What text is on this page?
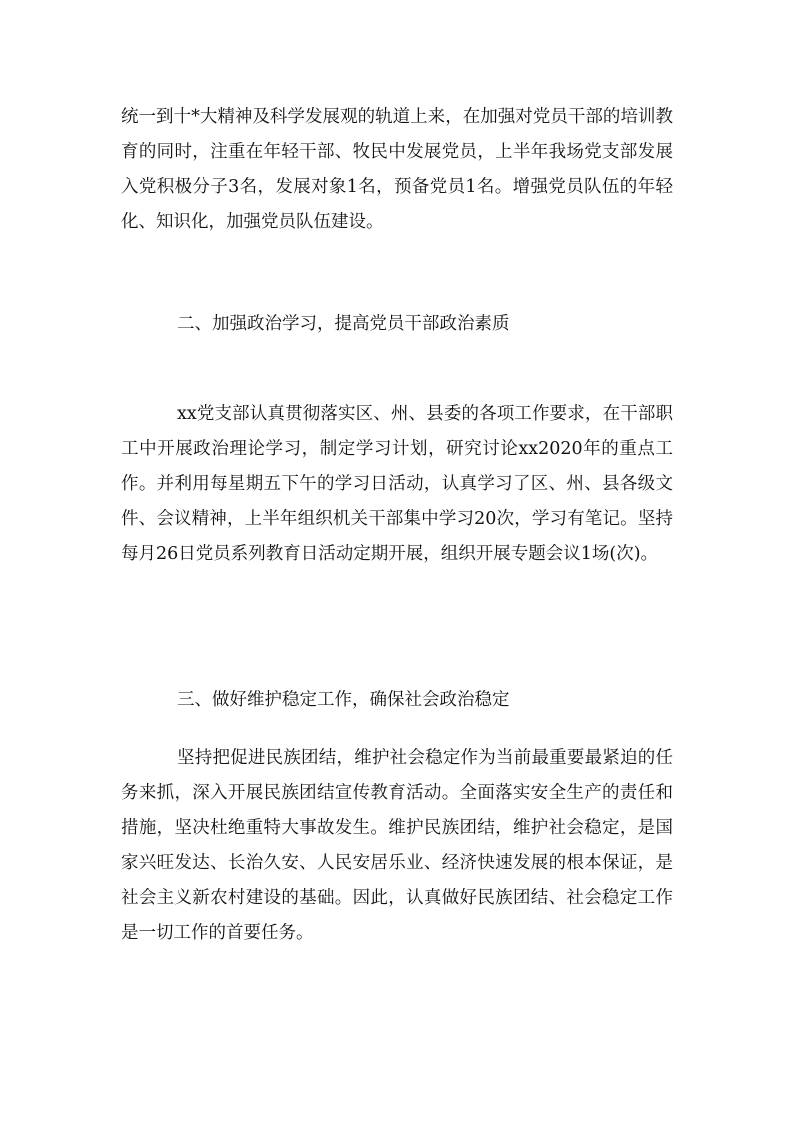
统一到十*大精神及科学发展观的轨道上来，在加强对党员干部的培训教育的同时，注重在年轻干部、牧民中发展党员，上半年我场党支部发展入党积极分子3名，发展对象1名，预备党员1名。增强党员队伍的年轻化、知识化，加强党员队伍建设。

二、加强政治学习，提高党员干部政治素质

xx党支部认真贯彻落实区、州、县委的各项工作要求，在干部职工中开展政治理论学习，制定学习计划，研究讨论xx2020年的重点工作。并利用每星期五下午的学习日活动，认真学习了区、州、县各级文件、会议精神，上半年组织机关干部集中学习20次，学习有笔记。坚持每月26日党员系列教育日活动定期开展，组织开展专题会议1场(次)。

三、做好维护稳定工作，确保社会政治稳定

坚持把促进民族团结，维护社会稳定作为当前最重要最紧迫的任务来抓，深入开展民族团结宣传教育活动。全面落实安全生产的责任和措施，坚决杜绝重特大事故发生。维护民族团结，维护社会稳定，是国家兴旺发达、长治久安、人民安居乐业、经济快速发展的根本保证，是社会主义新农村建设的基础。因此，认真做好民族团结、社会稳定工作是一切工作的首要任务。
